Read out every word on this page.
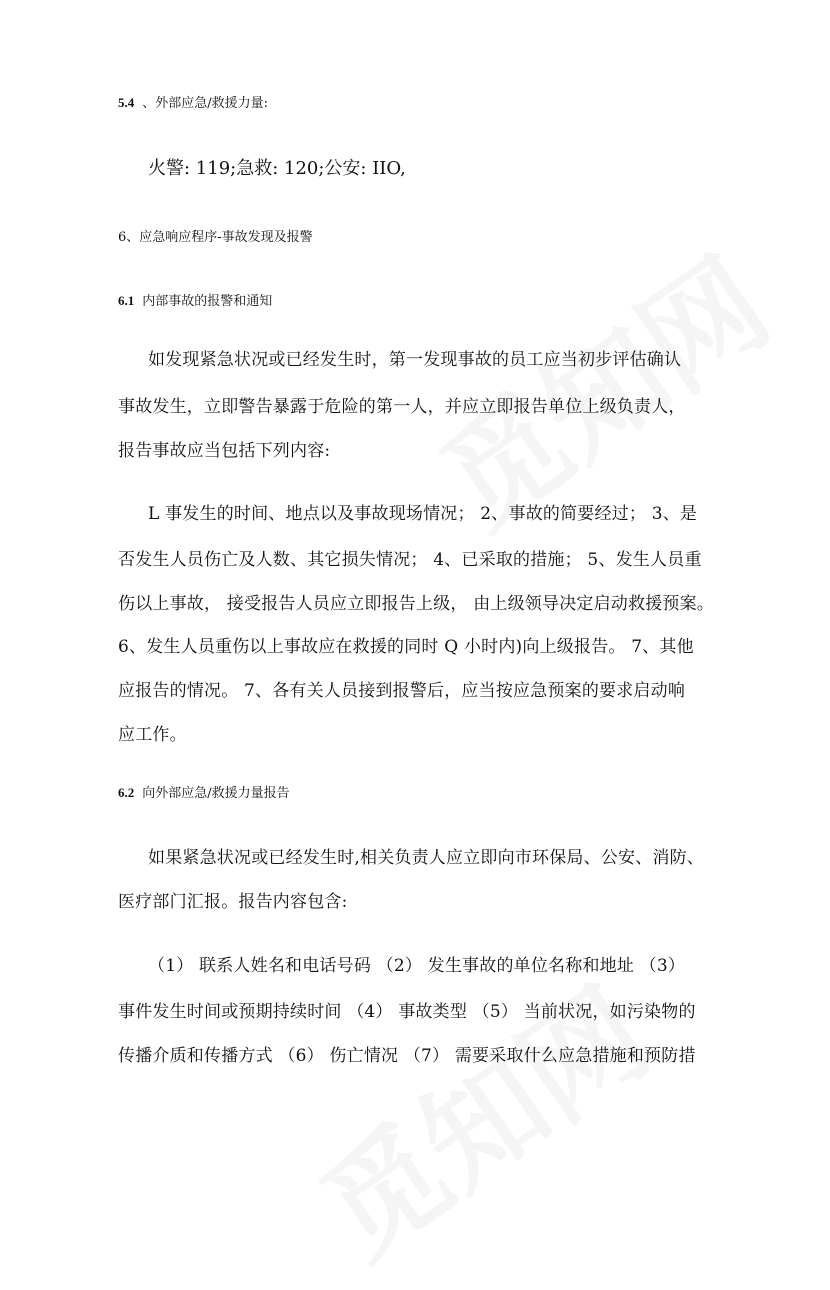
5.4 、外部应急/救援力量:
火警: 119;急救: 120;公安: IIO,
6、应急响应程序-事故发现及报警
6.1 内部事故的报警和通知
如发现紧急状况或已经发生时，第一发现事故的员工应当初步评估确认
事故发生，立即警告暴露于危险的第一人，并应立即报告单位上级负责人，
报告事故应当包括下列内容:
L 事发生的时间、地点以及事故现场情况； 2、事故的简要经过； 3、是
否发生人员伤亡及人数、其它损失情况； 4、已采取的措施； 5、发生人员重
伤以上事故， 接受报告人员应立即报告上级， 由上级领导决定启动救援预案。
6、发生人员重伤以上事故应在救援的同时 Q 小时内)向上级报告。 7、其他
应报告的情况。 7、各有关人员接到报警后，应当按应急预案的要求启动响
应工作。
6.2 向外部应急/救援力量报告
如果紧急状况或已经发生时,相关负责人应立即向市环保局、公安、消防、
医疗部门汇报。报告内容包含:
（1） 联系人姓名和电话号码 （2） 发生事故的单位名称和地址 （3）
事件发生时间或预期持续时间 （4） 事故类型 （5） 当前状况，如污染物的
传播介质和传播方式 （6） 伤亡情况 （7） 需要采取什么应急措施和预防措
